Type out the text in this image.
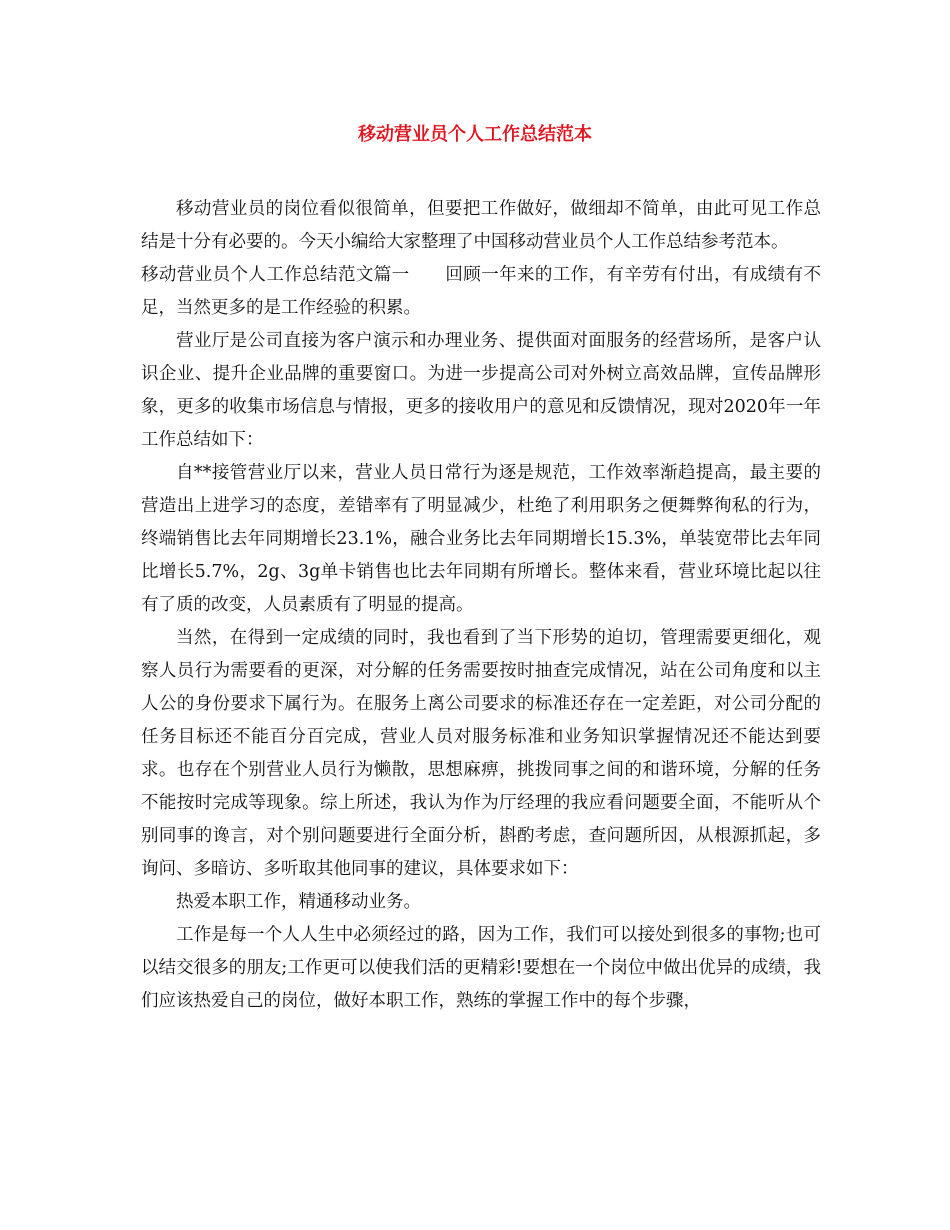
移动营业员个人工作总结范本

移动营业员的岗位看似很简单，但要把工作做好，做细却不简单，由此可见工作总结是十分有必要的。今天小编给大家整理了中国移动营业员个人工作总结参考范本。

移动营业员个人工作总结范文篇一　　回顾一年来的工作，有辛劳有付出，有成绩有不足，当然更多的是工作经验的积累。

营业厅是公司直接为客户演示和办理业务、提供面对面服务的经营场所，是客户认识企业、提升企业品牌的重要窗口。为进一步提高公司对外树立高效品牌，宣传品牌形象，更多的收集市场信息与情报，更多的接收用户的意见和反馈情况，现对2020年一年工作总结如下：

自**接管营业厅以来，营业人员日常行为逐是规范，工作效率渐趋提高，最主要的营造出上进学习的态度，差错率有了明显减少，杜绝了利用职务之便舞弊徇私的行为，终端销售比去年同期增长23.1%，融合业务比去年同期增长15.3%，单装宽带比去年同比增长5.7%，2g、3g单卡销售也比去年同期有所增长。整体来看，营业环境比起以往有了质的改变，人员素质有了明显的提高。

当然，在得到一定成绩的同时，我也看到了当下形势的迫切，管理需要更细化，观察人员行为需要看的更深，对分解的任务需要按时抽查完成情况，站在公司角度和以主人公的身份要求下属行为。在服务上离公司要求的标准还存在一定差距，对公司分配的任务目标还不能百分百完成，营业人员对服务标准和业务知识掌握情况还不能达到要求。也存在个别营业人员行为懒散，思想麻痹，挑拨同事之间的和谐环境，分解的任务不能按时完成等现象。综上所述，我认为作为厅经理的我应看问题要全面，不能听从个别同事的谗言，对个别问题要进行全面分析，斟酌考虑，查问题所因，从根源抓起，多询问、多暗访、多听取其他同事的建议，具体要求如下：

热爱本职工作，精通移动业务。

工作是每一个人人生中必须经过的路，因为工作，我们可以接处到很多的事物;也可以结交很多的朋友;工作更可以使我们活的更精彩!要想在一个岗位中做出优异的成绩，我们应该热爱自己的岗位，做好本职工作，熟练的掌握工作中的每个步骤，
